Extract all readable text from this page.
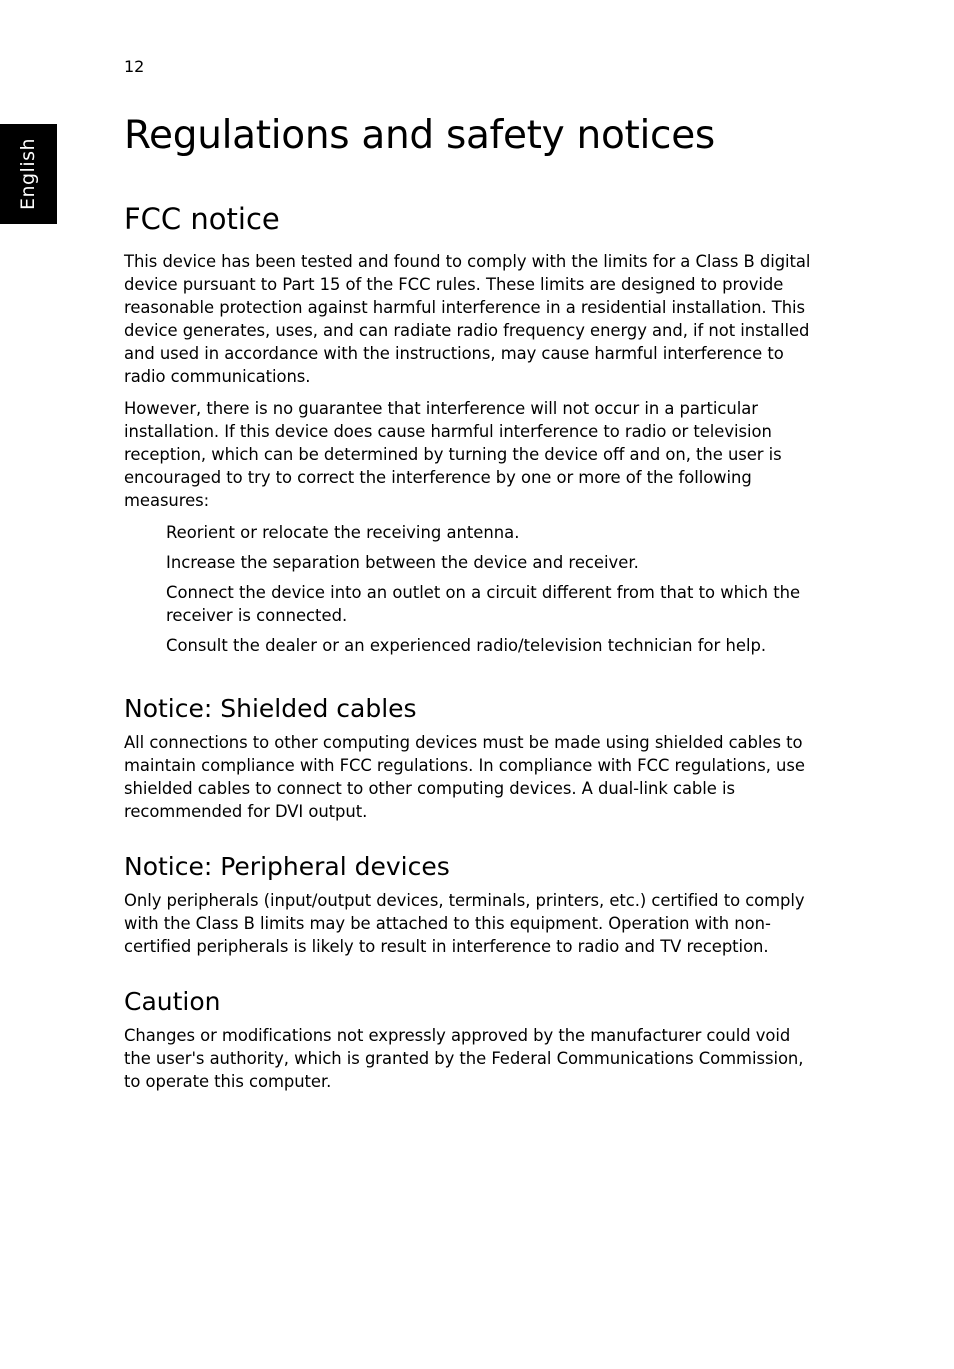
English
12
Regulations and safety notices
FCC notice

This device has been tested and found to comply with the limits for a Class B digital device pursuant to Part 15 of the FCC rules. These limits are designed to provide reasonable protection against harmful interference in a residential installation. This device generates, uses, and can radiate radio frequency energy and, if not installed and used in accordance with the instructions, may cause harmful interference to radio communications.

However, there is no guarantee that interference will not occur in a particular installation. If this device does cause harmful interference to radio or television reception, which can be determined by turning the device off and on, the user is encouraged to try to correct the interference by one or more of the following measures:

Reorient or relocate the receiving antenna.
Increase the separation between the device and receiver.
Connect the device into an outlet on a circuit different from that to which the receiver is connected.
Consult the dealer or an experienced radio/television technician for help.
Notice: Shielded cables

All connections to other computing devices must be made using shielded cables to maintain compliance with FCC regulations. In compliance with FCC regulations, use shielded cables to connect to other computing devices. A dual-link cable is recommended for DVI output.

Notice: Peripheral devices

Only peripherals (input/output devices, terminals, printers, etc.) certified to comply with the Class B limits may be attached to this equipment. Operation with non-certified peripherals is likely to result in interference to radio and TV reception.

Caution

Changes or modifications not expressly approved by the manufacturer could void the user's authority, which is granted by the Federal Communications Commission, to operate this computer.
